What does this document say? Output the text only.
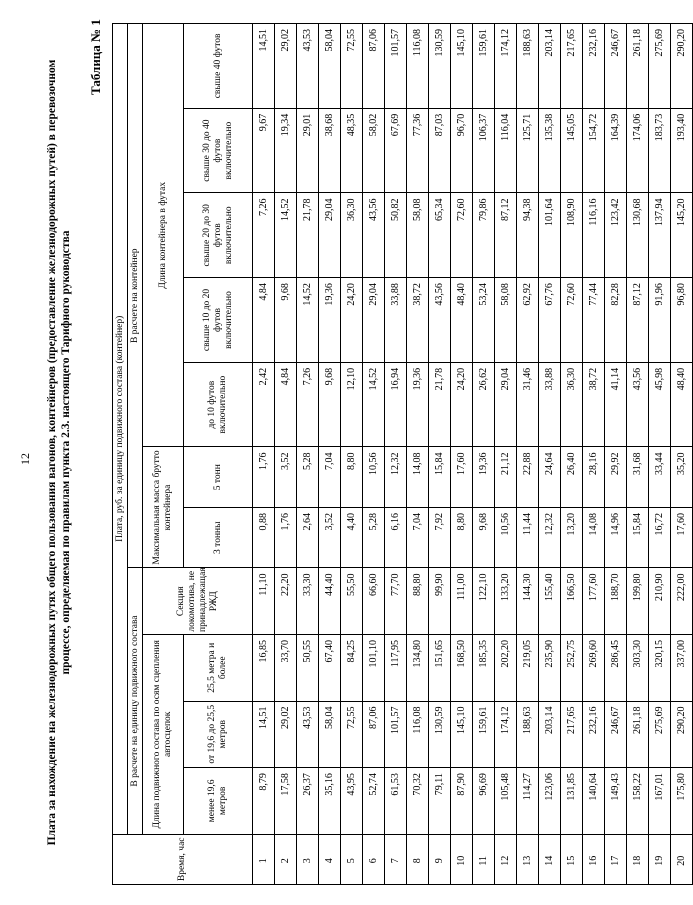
12
Таблица № 1
Плата за нахождение на железнодорожных путях общего пользования вагонов, контейнеров (предоставление железнодорожных путей) в перевозочном процессе, определяемая по правилам пункта 2.3. настоящего Тарифного руководства
Время, час	Плата, руб. за единицу подвижного состава (контейнер)										
	В расчете на единицу подвижного состава				В расчете на контейнер						
	Длина подвижного состава по осям сцепления автосцепок			Секция локомотива, не принадлежащая РЖД	Максимальная масса брутто контейнера		Длина контейнера в футах				
	менее 19,6 метров	от 19,6 до 25,5 метров	25,5 метра и более		3 тонны	5 тонн	до 10 футов включительно	свыше 10 до 20 футов включительно	свыше 20 до 30 футов включительно	свыше 30 до 40 футов включительно	свыше 40 футов
1	8,79	14,51	16,85	11,10	0,88	1,76	2,42	4,84	7,26	9,67	14,51
2	17,58	29,02	33,70	22,20	1,76	3,52	4,84	9,68	14,52	19,34	29,02
3	26,37	43,53	50,55	33,30	2,64	5,28	7,26	14,52	21,78	29,01	43,53
4	35,16	58,04	67,40	44,40	3,52	7,04	9,68	19,36	29,04	38,68	58,04
5	43,95	72,55	84,25	55,50	4,40	8,80	12,10	24,20	36,30	48,35	72,55
6	52,74	87,06	101,10	66,60	5,28	10,56	14,52	29,04	43,56	58,02	87,06
7	61,53	101,57	117,95	77,70	6,16	12,32	16,94	33,88	50,82	67,69	101,57
8	70,32	116,08	134,80	88,80	7,04	14,08	19,36	38,72	58,08	77,36	116,08
9	79,11	130,59	151,65	99,90	7,92	15,84	21,78	43,56	65,34	87,03	130,59
10	87,90	145,10	168,50	111,00	8,80	17,60	24,20	48,40	72,60	96,70	145,10
11	96,69	159,61	185,35	122,10	9,68	19,36	26,62	53,24	79,86	106,37	159,61
12	105,48	174,12	202,20	133,20	10,56	21,12	29,04	58,08	87,12	116,04	174,12
13	114,27	188,63	219,05	144,30	11,44	22,88	31,46	62,92	94,38	125,71	188,63
14	123,06	203,14	235,90	155,40	12,32	24,64	33,88	67,76	101,64	135,38	203,14
15	131,85	217,65	252,75	166,50	13,20	26,40	36,30	72,60	108,90	145,05	217,65
16	140,64	232,16	269,60	177,60	14,08	28,16	38,72	77,44	116,16	154,72	232,16
17	149,43	246,67	286,45	188,70	14,96	29,92	41,14	82,28	123,42	164,39	246,67
18	158,22	261,18	303,30	199,80	15,84	31,68	43,56	87,12	130,68	174,06	261,18
19	167,01	275,69	320,15	210,90	16,72	33,44	45,98	91,96	137,94	183,73	275,69
20	175,80	290,20	337,00	222,00	17,60	35,20	48,40	96,80	145,20	193,40	290,20
